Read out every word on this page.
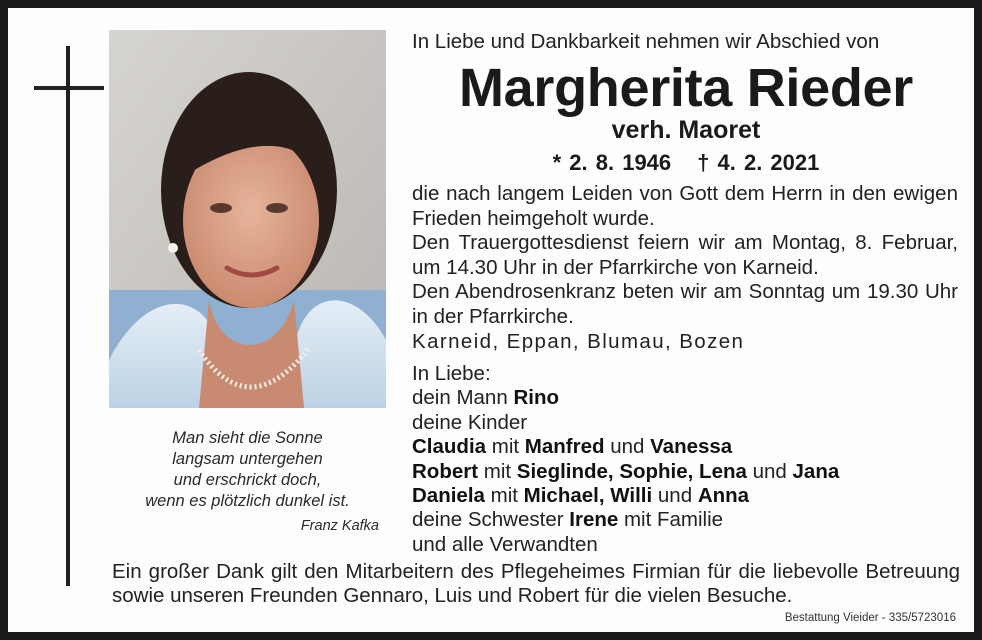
Man sieht die Sonne
langsam untergehen
und erschrickt doch,
wenn es plötzlich dunkel ist.
Franz Kafka
In Liebe und Dankbarkeit nehmen wir Abschied von
Margherita Rieder
verh. Maoret
* 2. 8. 1946 † 4. 2. 2021
die nach langem Leiden von Gott dem Herrn in den ewigen Frieden heimgeholt wurde.
Den Trauergottesdienst feiern wir am Montag, 8. Februar, um 14.30 Uhr in der Pfarrkirche von Karneid.
Den Abendrosenkranz beten wir am Sonntag um 19.30 Uhr in der Pfarrkirche.
Karneid, Eppan, Blumau, Bozen
In Liebe:
dein Mann Rino
deine Kinder
Claudia mit Manfred und Vanessa
Robert mit Sieglinde, Sophie, Lena und Jana
Daniela mit Michael, Willi und Anna
deine Schwester Irene mit Familie
und alle Verwandten
Ein großer Dank gilt den Mitarbeitern des Pflegeheimes Firmian für die liebevolle Betreuung sowie unseren Freunden Gennaro, Luis und Robert für die vielen Besuche.
Bestattung Vieider - 335/5723016
